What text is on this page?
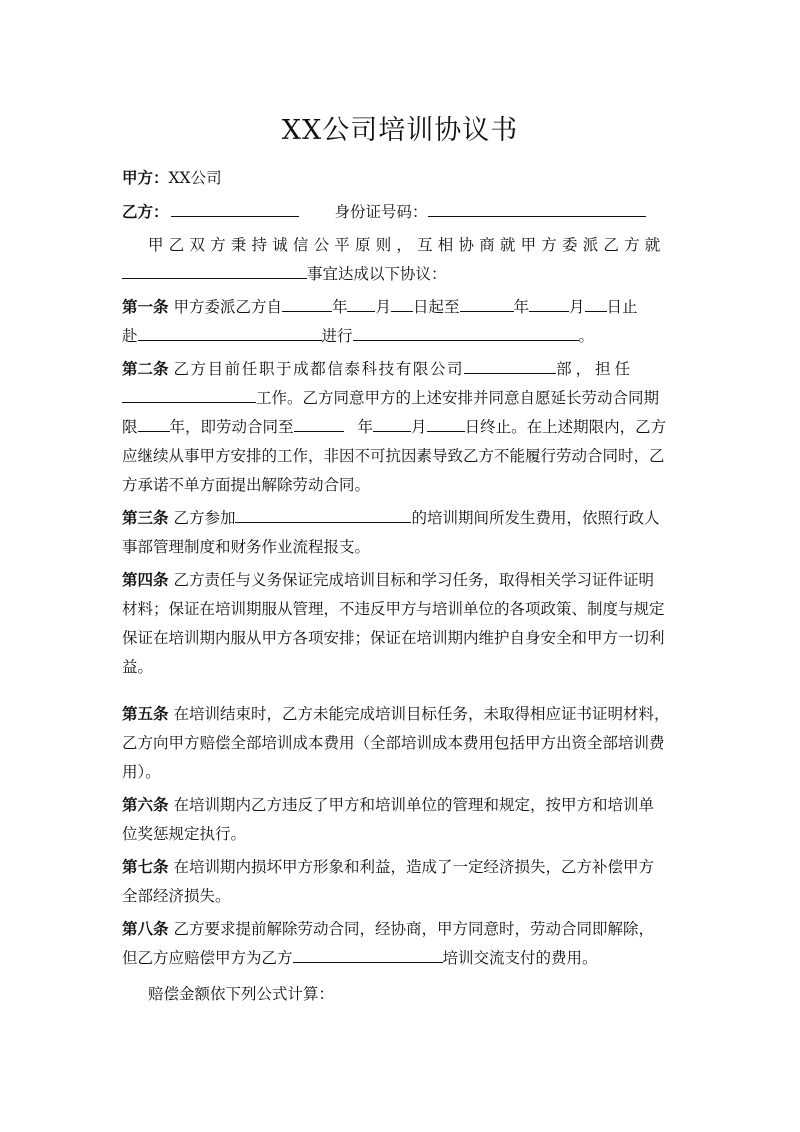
XX公司培训协议书
甲方：XX公司
乙方：	身份证号码：
甲乙双方秉持诚信公平原则，互相协商就甲方委派乙方就
事宜达成以下协议：
第一条 甲方委派乙方自	年 月 日起至	年	月 日止
赴	进行	。
第二条 乙方目前任职于成都信泰科技有限公司	部，担任
工作。乙方同意甲方的上述安排并同意自愿延长劳动合同期
限 年，即劳动合同至	年 月 日终止。在上述期限内，乙方
应继续从事甲方安排的工作，非因不可抗因素导致乙方不能履行劳动合同时，乙
方承诺不单方面提出解除劳动合同。
第三条 乙方参加	的培训期间所发生费用，依照行政人
事部管理制度和财务作业流程报支。
第四条 乙方责任与义务保证完成培训目标和学习任务，取得相关学习证件证明
材料；保证在培训期服从管理，不违反甲方与培训单位的各项政策、制度与规定
保证在培训期内服从甲方各项安排；保证在培训期内维护自身安全和甲方一切利
益。
第五条 在培训结束时，乙方未能完成培训目标任务，未取得相应证书证明材料，
乙方向甲方赔偿全部培训成本费用（全部培训成本费用包括甲方出资全部培训费
用）。
第六条 在培训期内乙方违反了甲方和培训单位的管理和规定，按甲方和培训单
位奖惩规定执行。
第七条 在培训期内损坏甲方形象和利益，造成了一定经济损失，乙方补偿甲方
全部经济损失。
第八条 乙方要求提前解除劳动合同，经协商，甲方同意时，劳动合同即解除，
但乙方应赔偿甲方为乙方	培训交流支付的费用。
赔偿金额依下列公式计算：
